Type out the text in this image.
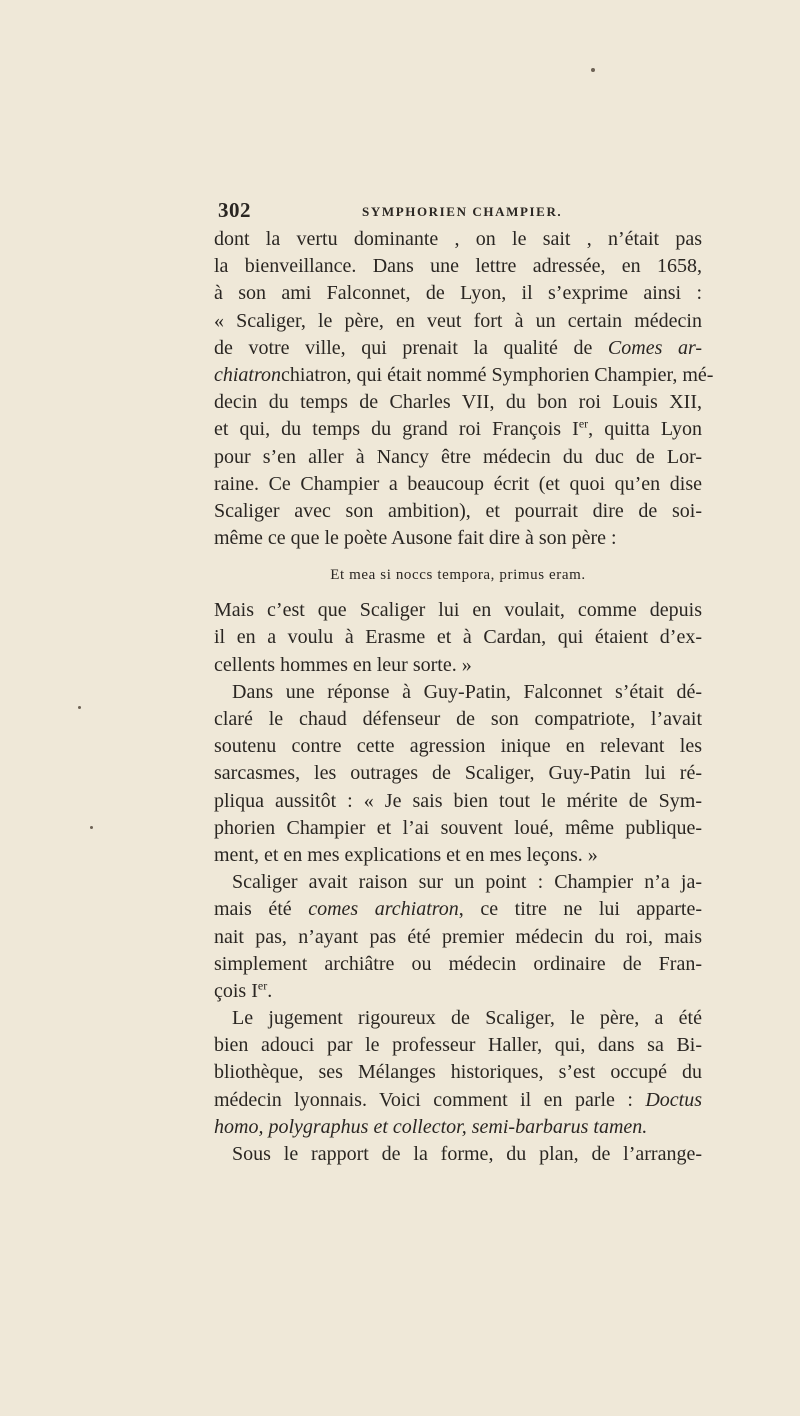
302	SYMPHORIEN CHAMPIER.
dont la vertu dominante , on le sait , n’était pas
la bienveillance. Dans une lettre adressée, en 1658,
à son ami Falconnet, de Lyon, il s’exprime ainsi :
« Scaliger, le père, en veut fort à un certain médecin
de votre ville, qui prenait la qualité de Comes ar-
chiatronchiatron, qui était nommé Symphorien Champier, mé-
decin du temps de Charles VII, du bon roi Louis XII,
et qui, du temps du grand roi François Ier, quitta Lyon
pour s’en aller à Nancy être médecin du duc de Lor-
raine. Ce Champier a beaucoup écrit (et quoi qu’en dise
Scaliger avec son ambition), et pourrait dire de soi-
même ce que le poète Ausone fait dire à son père :
Et mea si noccs tempora, primus eram.
Mais c’est que Scaliger lui en voulait, comme depuis
il en a voulu à Erasme et à Cardan, qui étaient d’ex-
cellents hommes en leur sorte. »
Dans une réponse à Guy-Patin, Falconnet s’était dé-
claré le chaud défenseur de son compatriote, l’avait
soutenu contre cette agression inique en relevant les
sarcasmes, les outrages de Scaliger, Guy-Patin lui ré-
pliqua aussitôt : « Je sais bien tout le mérite de Sym-
phorien Champier et l’ai souvent loué, même publique-
ment, et en mes explications et en mes leçons. »
Scaliger avait raison sur un point : Champier n’a ja-
mais été comes archiatron, ce titre ne lui apparte-
nait pas, n’ayant pas été premier médecin du roi, mais
simplement archiâtre ou médecin ordinaire de Fran-
çois Ier.
Le jugement rigoureux de Scaliger, le père, a été
bien adouci par le professeur Haller, qui, dans sa Bi-
bliothèque, ses Mélanges historiques, s’est occupé du
médecin lyonnais. Voici comment il en parle : Doctus
homo, polygraphus et collector, semi-barbarus tamen.
Sous le rapport de la forme, du plan, de l’arrange-
